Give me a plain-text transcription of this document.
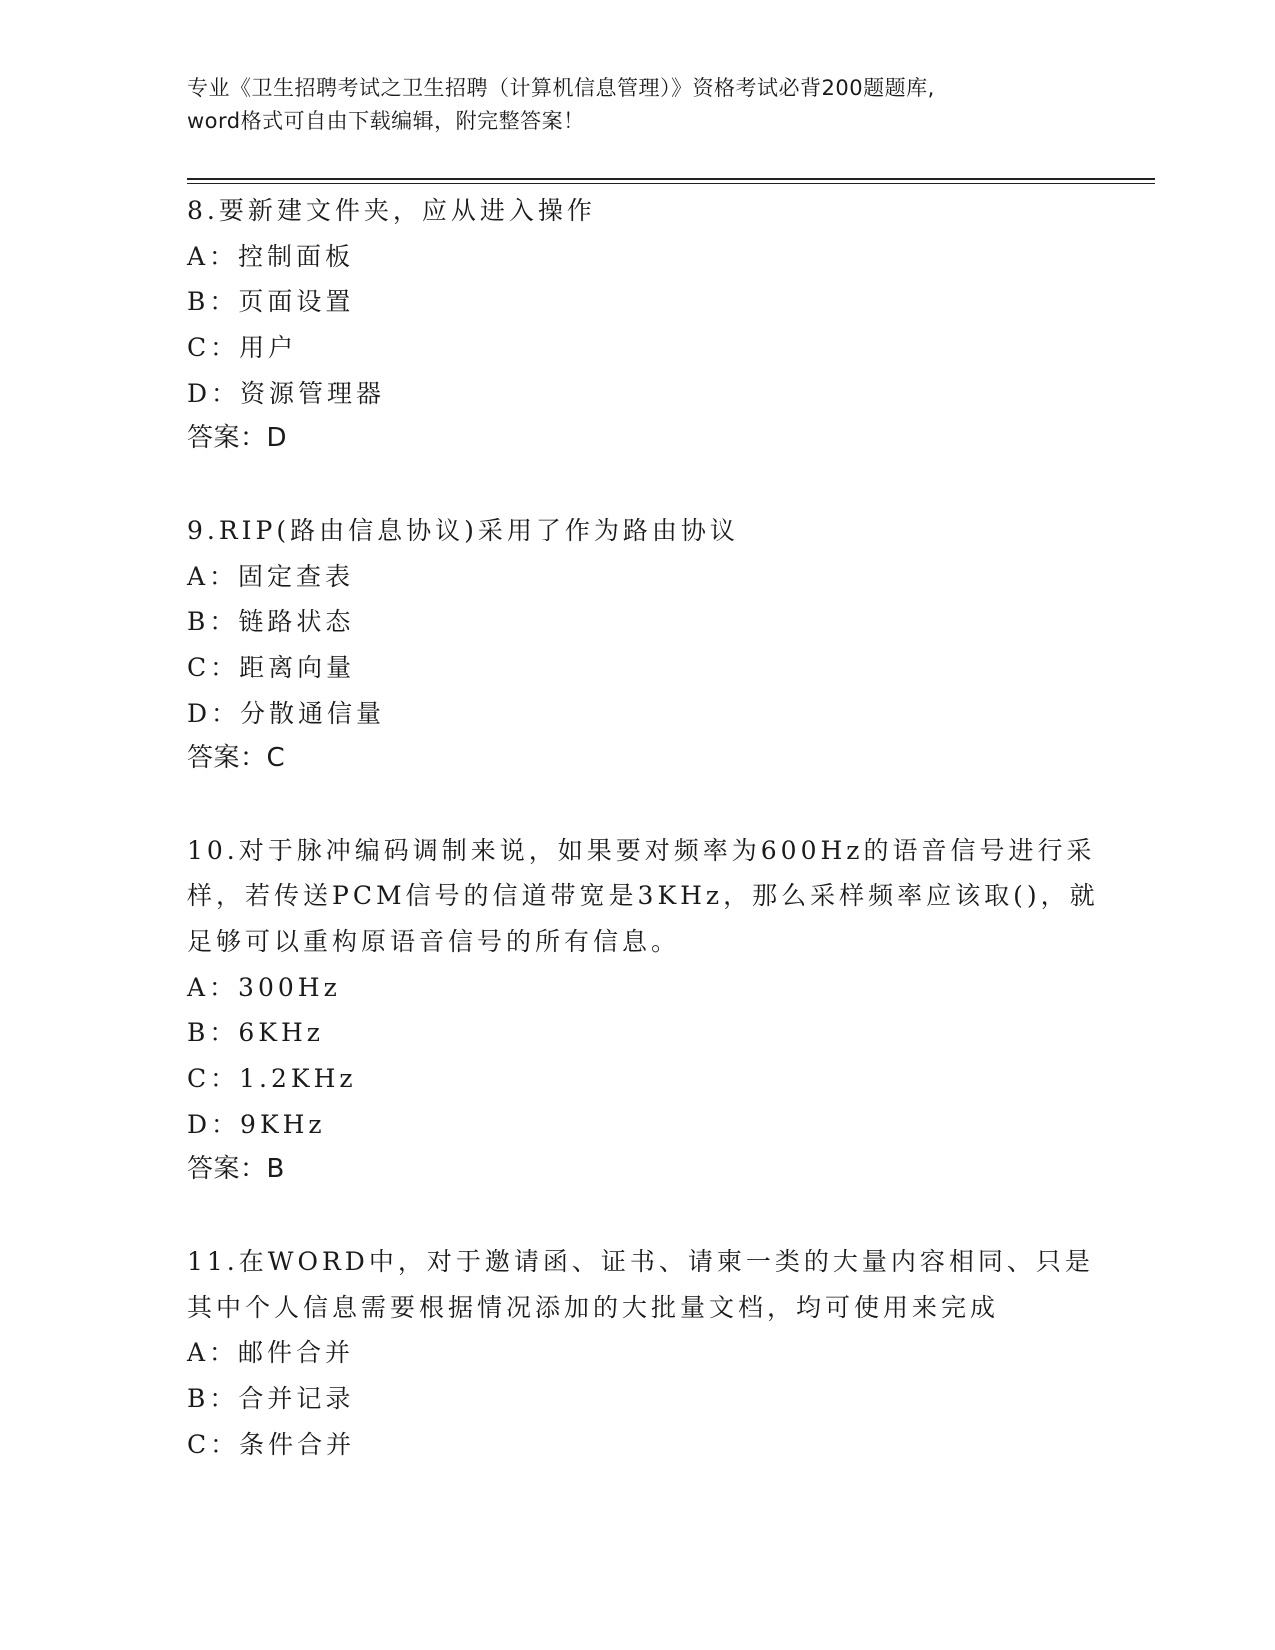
专业《卫生招聘考试之卫生招聘（计算机信息管理）》资格考试必背200题题库,
word格式可自由下载编辑，附完整答案！
8.要新建文件夹，应从进入操作
A：控制面板
B：页面设置
C：用户
D：资源管理器
答案：D
9.RIP(路由信息协议)采用了作为路由协议
A：固定查表
B：链路状态
C：距离向量
D：分散通信量
答案：C
10.对于脉冲编码调制来说，如果要对频率为600Hz的语音信号进行采
样，若传送PCM信号的信道带宽是3KHz，那么采样频率应该取()，就
足够可以重构原语音信号的所有信息。
A：300Hz
B：6KHz
C：1.2KHz
D：9KHz
答案：B
11.在WORD中，对于邀请函、证书、请柬一类的大量内容相同、只是
其中个人信息需要根据情况添加的大批量文档，均可使用来完成
A：邮件合并
B：合并记录
C：条件合并
